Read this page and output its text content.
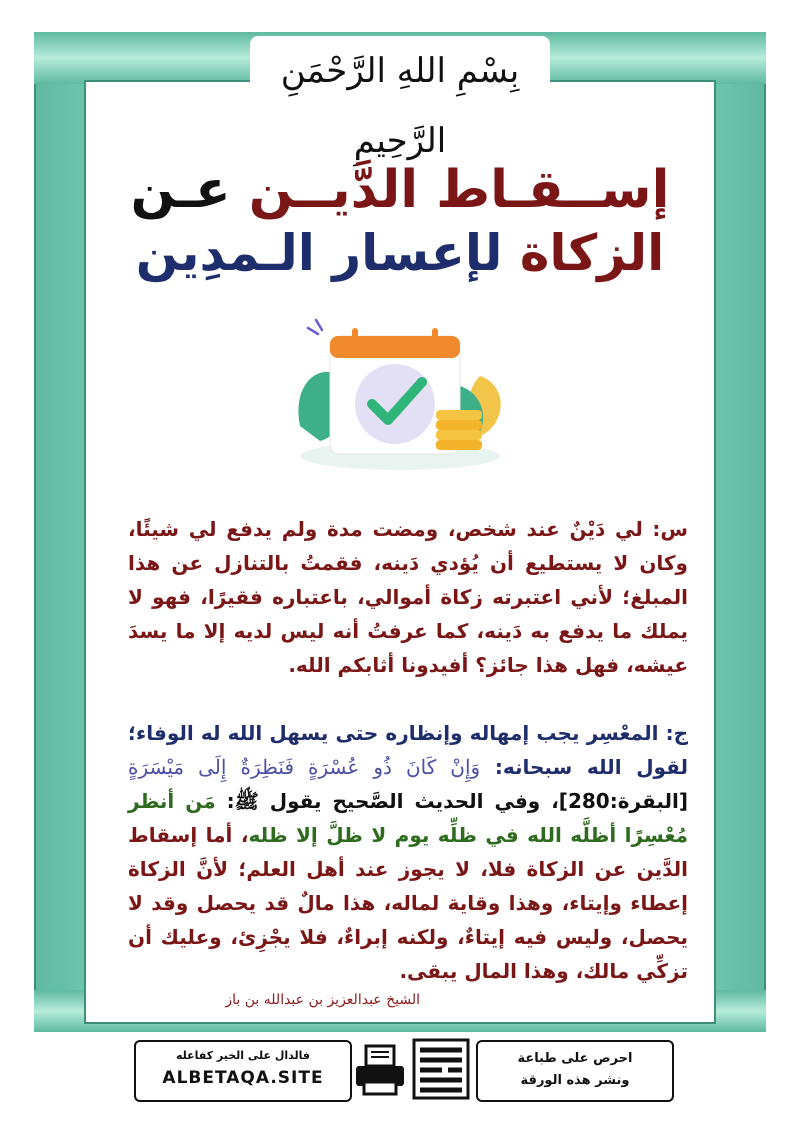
بِسْمِ اللهِ الرَّحْمَنِ الرَّحِيمِ
إســقـاط الدَّيــن عـن
الزكاة لإعسار الـمدِين
س: لي دَيْنٌ عند شخص، ومضت مدة ولم يدفع لي شيئًا، وكان لا يستطيع أن يُؤدي دَينه، فقمتُ بالتنازل عن هذا المبلغ؛ لأني اعتبرته زكاة أموالي، باعتباره فقيرًا، فهو لا يملك ما يدفع به دَينه، كما عرفتُ أنه ليس لديه إلا ما يسدَ عيشه، فهل هذا جائز؟ أفيدونا أثابكم الله.
ج: المعْسِر يجب إمهاله وإنظاره حتى يسهل الله له الوفاء؛ لقول الله سبحانه: وَإِنْ كَانَ ذُو عُسْرَةٍ فَنَظِرَةٌ إِلَى مَيْسَرَةٍ [البقرة:280]، وفي الحديث الصَّحيح يقول ﷺ: مَن أنظر مُعْسِرًا أظلَّه الله في ظلِّه يوم لا ظلَّ إلا ظله، أما إسقاط الدَّين عن الزكاة فلا، لا يجوز عند أهل العلم؛ لأنَّ الزكاة إعطاء وإيتاء، وهذا وقاية لماله، هذا مالٌ قد يحصل وقد لا يحصل، وليس فيه إيتاءٌ، ولكنه إبراءٌ، فلا يجْزِئ، وعليك أن تزكِّي مالك، وهذا المال يبقى.
الشيخ عبدالعزيز بن عبدالله بن باز
احرص على طباعة
ونشر هذه الورقة
فالدال على الخير كفاعله
ALBETAQA.SITE
